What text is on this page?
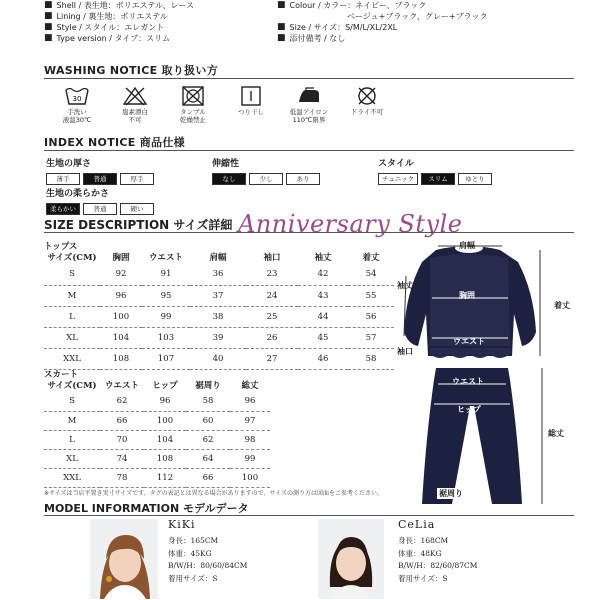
■ Shell / 表生地：ポリエステル、レース
■ Lining / 裏生地：ポリエステル
■ Style / スタイル：エレガント
■ Type version / タイプ：スリム
■ Colour / カラー：ネイビー、ブラック
ベージュ+ブラック、グレー+ブラック
■ Size / サイズ：S/M/L/XL/2XL
■ 添付備考 / なし
WASHING NOTICE 取り扱い方
30
手洗い
液温30℃
塩素漂白
不可
タンブル
乾燥禁止
つり干し	低温アイロン
110℃限界
ドライ不可
INDEX NOTICE 商品仕様
生地の厚さ
薄手	普通	厚手
伸縮性
なし	少し	あり
スタイル
チュニック	スリム	ゆとり
生地の柔らかさ
柔らかい	普通	硬い
SIZE DESCRIPTION サイズ詳細 Anniversary Style
トップス
サイズ(CM)	胸囲	ウエスト	肩幅	袖口	袖丈	着丈
S	92	91	36	23	42	54
M	96	95	37	24	43	55
L	100	99	38	25	44	56
XL	104	103	39	26	45	57
XXL	108	107	40	27	46	58
スカート
サイズ(CM)	ウエスト	ヒップ	裾周り	総丈
S	62	96	58	96
M	66	100	60	97
L	70	104	62	98
XL	74	108	64	99
XXL	78	112	66	100
肩幅
袖丈
胸囲
着丈
ウエスト
袖口
ウエスト
ヒップ
総丈
裾周り
※サイズは当店平置き実寸サイズです。タグの表記とは異なる場合がありますので、サイズの測り方は図面をご参考ください。
MODEL INFORMATION モデルデータ
KiKi
身長：165CM
体重：45KG
B/W/H：80/60/84CM
着用サイズ：S
CeLia
身長：168CM
体重：48KG
B/W/H：82/60/87CM
着用サイズ：S
